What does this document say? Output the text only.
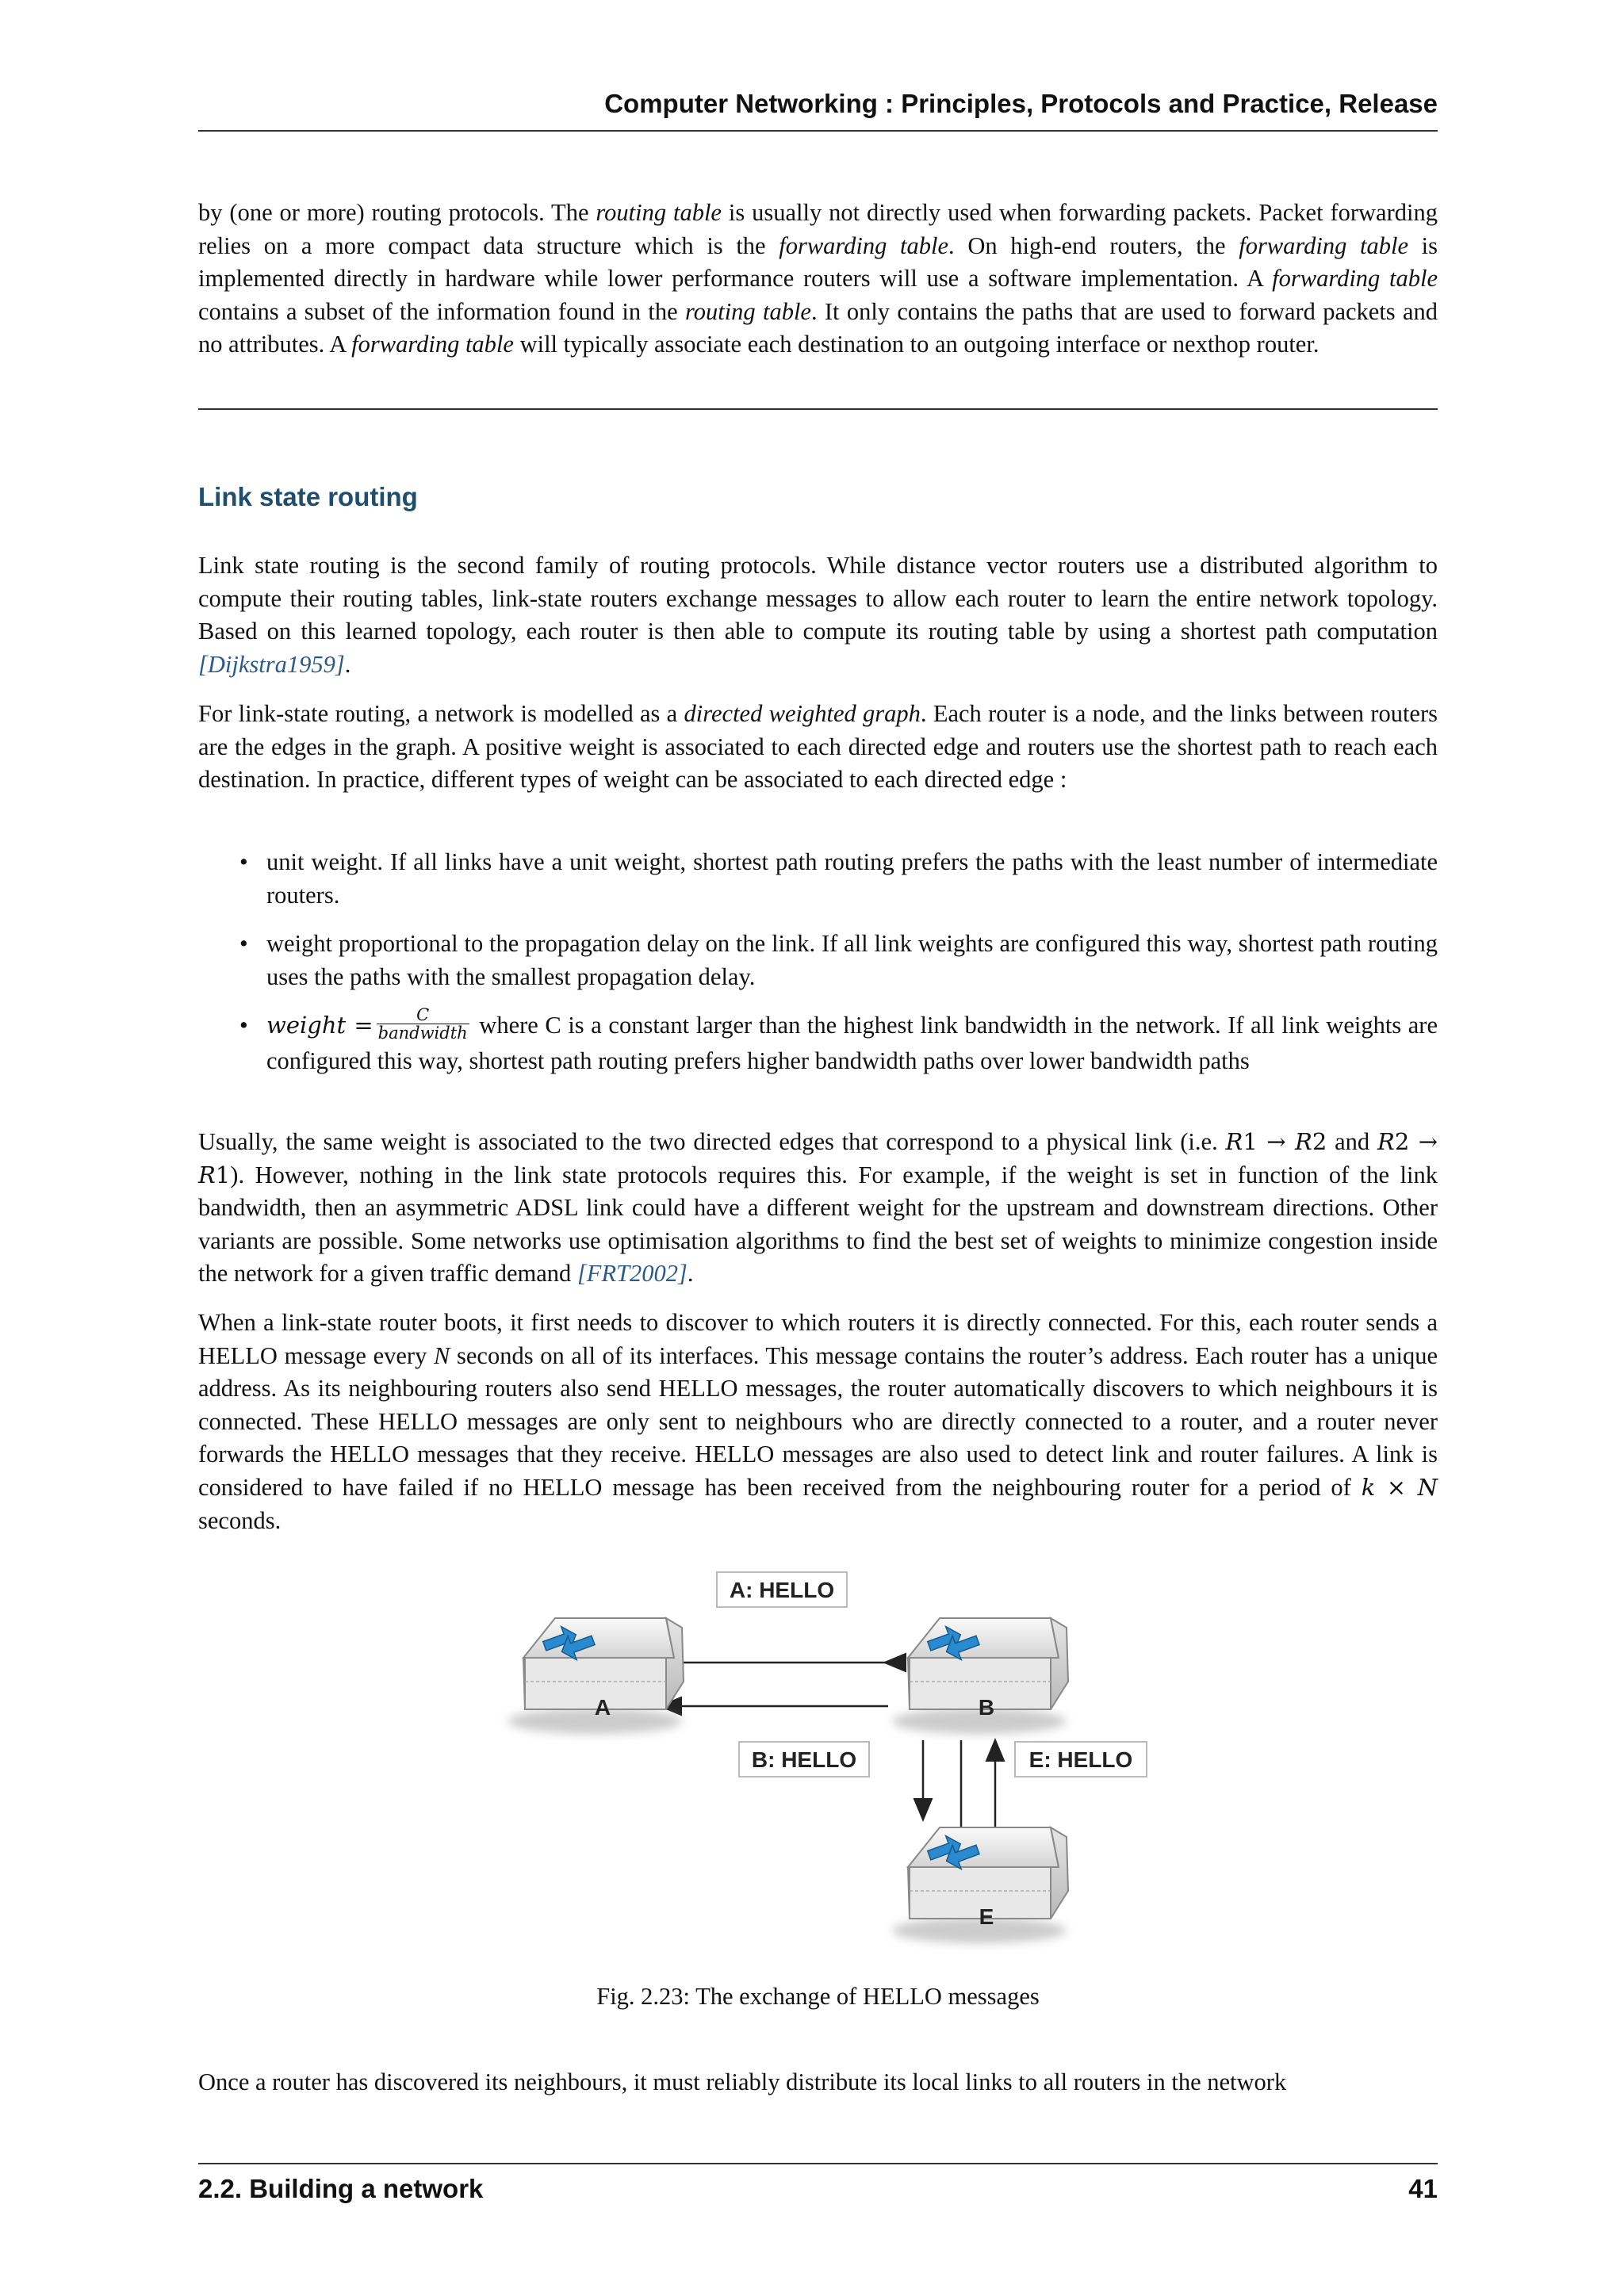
Computer Networking : Principles, Protocols and Practice, Release

by (one or more) routing protocols. The routing table is usually not directly used when forwarding packets. Packet forwarding relies on a more compact data structure which is the forwarding table. On high-end routers, the forwarding table is implemented directly in hardware while lower performance routers will use a software implementation. A forwarding table contains a subset of the information found in the routing table. It only contains the paths that are used to forward packets and no attributes. A forwarding table will typically associate each destination to an outgoing interface or nexthop router.

Link state routing

Link state routing is the second family of routing protocols. While distance vector routers use a distributed algorithm to compute their routing tables, link-state routers exchange messages to allow each router to learn the entire network topology. Based on this learned topology, each router is then able to compute its routing table by using a shortest path computation [Dijkstra1959].

For link-state routing, a network is modelled as a directed weighted graph. Each router is a node, and the links between routers are the edges in the graph. A positive weight is associated to each directed edge and routers use the shortest path to reach each destination. In practice, different types of weight can be associated to each directed edge :

• unit weight. If all links have a unit weight, shortest path routing prefers the paths with the least number of intermediate routers.
• weight proportional to the propagation delay on the link. If all link weights are configured this way, shortest path routing uses the paths with the smallest propagation delay.
• weight = $\frac{C}{\text{bandwidth}}$ where C is a constant larger than the highest link bandwidth in the network. If all link weights are configured this way, shortest path routing prefers higher bandwidth paths over lower bandwidth paths

Usually, the same weight is associated to the two directed edges that correspond to a physical link (i.e. R1 → R2 and R2 → R1). However, nothing in the link state protocols requires this. For example, if the weight is set in function of the link bandwidth, then an asymmetric ADSL link could have a different weight for the upstream and downstream directions. Other variants are possible. Some networks use optimisation algorithms to find the best set of weights to minimize congestion inside the network for a given traffic demand [FRT2002].

When a link-state router boots, it first needs to discover to which routers it is directly connected. For this, each router sends a HELLO message every N seconds on all of its interfaces. This message contains the router’s address. Each router has a unique address. As its neighbouring routers also send HELLO messages, the router automatically discovers to which neighbours it is connected. These HELLO messages are only sent to neighbours who are directly connected to a router, and a router never forwards the HELLO messages that they receive. HELLO messages are also used to detect link and router failures. A link is considered to have failed if no HELLO message has been received from the neighbouring router for a period of k × N seconds.

A	B
E
A: HELLO
B: HELLO	E: HELLO

Fig. 2.23: The exchange of HELLO messages

Once a router has discovered its neighbours, it must reliably distribute its local links to all routers in the network

2.2. Building a network	41
